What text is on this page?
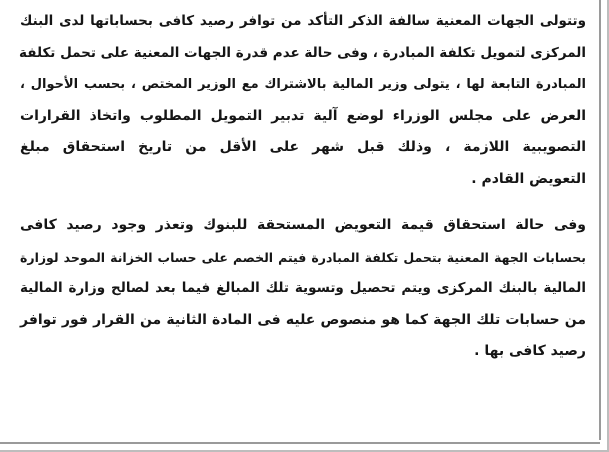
وتتولى الجهات المعنية سالفة الذكر التأكد من توافر رصيد كافى بحساباتها لدى البنك
المركزى لتمويل تكلفة المبادرة ، وفى حالة عدم قدرة الجهات المعنية على تحمل تكلفة
المبادرة التابعة لها ، يتولى وزير المالية بالاشتراك مع الوزير المختص ، بحسب الأحوال ،
العرض على مجلس الوزراء لوضع آلية تدبير التمويل المطلوب واتخاذ القرارات
التصويبية اللازمة ، وذلك قبل شهر على الأقل من تاريخ استحقاق مبلغ
التعويض القادم .
وفى حالة استحقاق قيمة التعويض المستحقة للبنوك وتعذر وجود رصيد كافى
بحسابات الجهة المعنية بتحمل تكلفة المبادرة فيتم الخصم على حساب الخزانة الموحد لوزارة
المالية بالبنك المركزى ويتم تحصيل وتسوية تلك المبالغ فيما بعد لصالح وزارة المالية
من حسابات تلك الجهة كما هو منصوص عليه فى المادة الثانية من القرار فور توافر
رصيد كافى بها .
